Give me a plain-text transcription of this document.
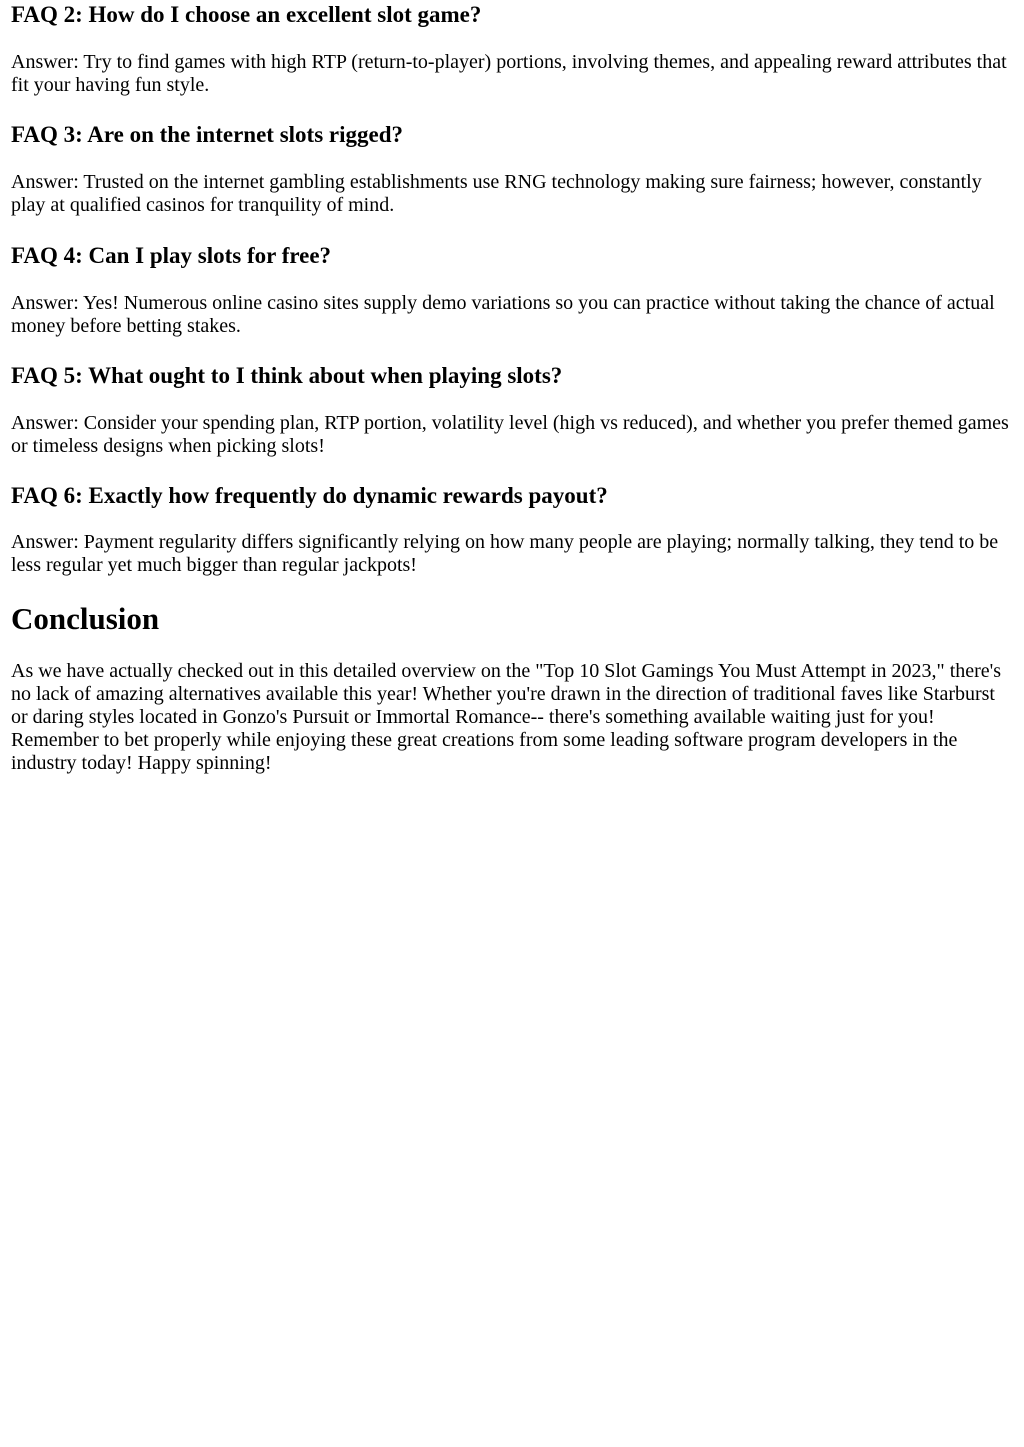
FAQ 2: How do I choose an excellent slot game?

Answer: Try to find games with high RTP (return-to-player) portions, involving themes, and appealing reward attributes that fit your having fun style.

FAQ 3: Are on the internet slots rigged?

Answer: Trusted on the internet gambling establishments use RNG technology making sure fairness; however, constantly play at qualified casinos for tranquility of mind.

FAQ 4: Can I play slots for free?

Answer: Yes! Numerous online casino sites supply demo variations so you can practice without taking the chance of actual money before betting stakes.

FAQ 5: What ought to I think about when playing slots?

Answer: Consider your spending plan, RTP portion, volatility level (high vs reduced), and whether you prefer themed games or timeless designs when picking slots!

FAQ 6: Exactly how frequently do dynamic rewards payout?

Answer: Payment regularity differs significantly relying on how many people are playing; normally talking, they tend to be less regular yet much bigger than regular jackpots!

Conclusion

As we have actually checked out in this detailed overview on the "Top 10 Slot Gamings You Must Attempt in 2023," there's no lack of amazing alternatives available this year! Whether you're drawn in the direction of traditional faves like Starburst or daring styles located in Gonzo's Pursuit or Immortal Romance-- there's something available waiting just for you! Remember to bet properly while enjoying these great creations from some leading software program developers in the industry today! Happy spinning!
